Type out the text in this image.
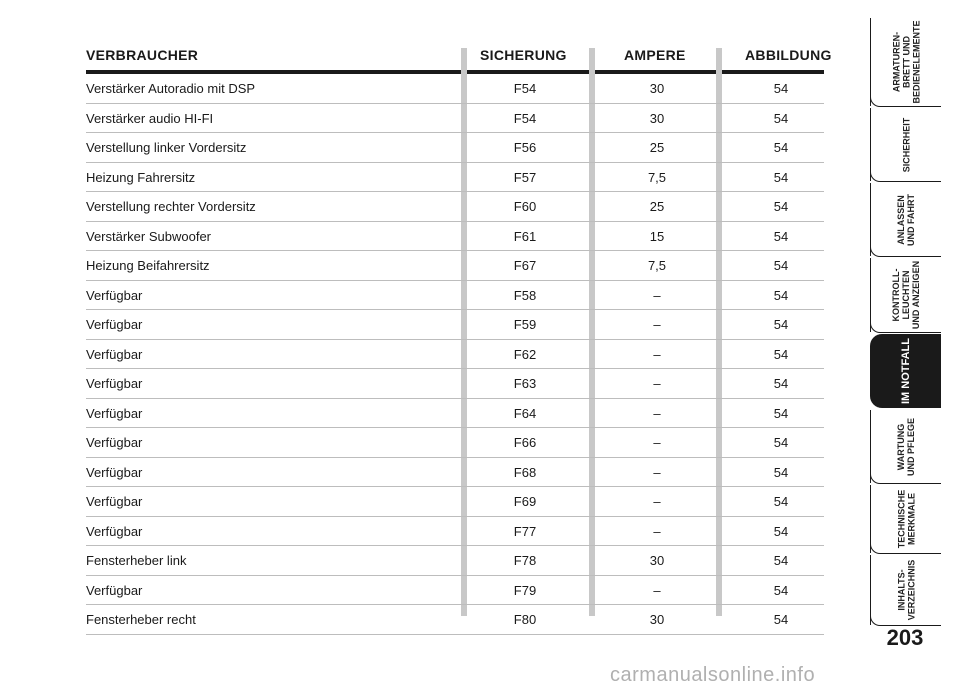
VERBRAUCHER	SICHERUNG	AMPERE	ABBILDUNG
Verstärker Autoradio mit DSP	F54	30	54
Verstärker audio HI-FI	F54	30	54
Verstellung linker Vordersitz	F56	25	54
Heizung Fahrersitz	F57	7,5	54
Verstellung rechter Vordersitz	F60	25	54
Verstärker Subwoofer	F61	15	54
Heizung Beifahrersitz	F67	7,5	54
Verfügbar	F58	–	54
Verfügbar	F59	–	54
Verfügbar	F62	–	54
Verfügbar	F63	–	54
Verfügbar	F64	–	54
Verfügbar	F66	–	54
Verfügbar	F68	–	54
Verfügbar	F69	–	54
Verfügbar	F77	–	54
Fensterheber link	F78	30	54
Verfügbar	F79	–	54
Fensterheber recht	F80	30	54
ARMATUREN- BRETT UND BEDIENELEMENTE
SICHERHEIT
ANLASSEN UND FAHRT
KONTROLL- LEUCHTEN UND ANZEIGEN
IM NOTFALL
WARTUNG UND PFLEGE
TECHNISCHE MERKMALE
INHALTS- VERZEICHNIS
203
carmanualsonline.info
